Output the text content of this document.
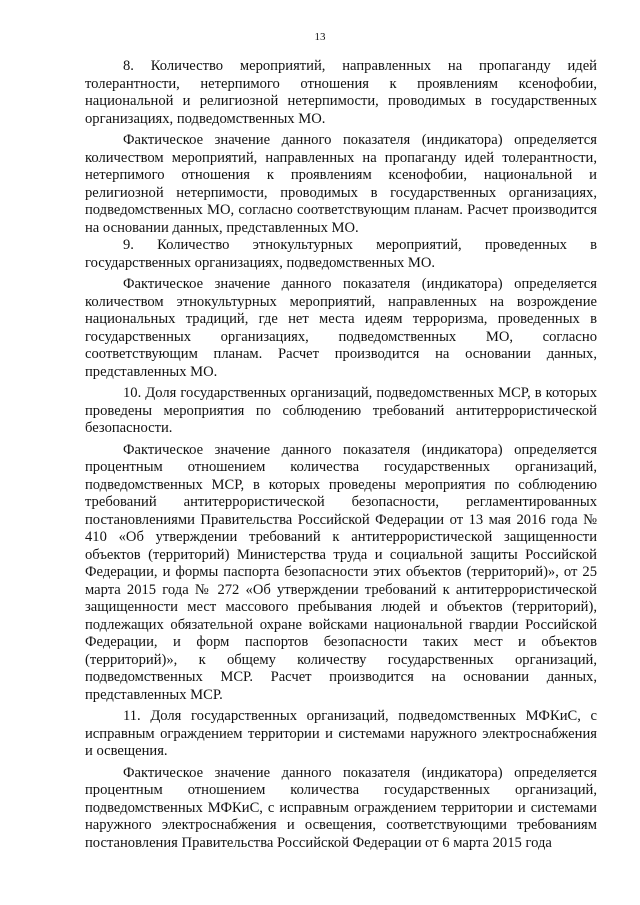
13

8. Количество мероприятий, направленных на пропаганду идей толерантности, нетерпимого отношения к проявлениям ксенофобии, национальной и религиозной нетерпимости, проводимых в государственных организациях, подведомственных МО.

Фактическое значение данного показателя (индикатора) определяется количеством мероприятий, направленных на пропаганду идей толерантности, нетерпимого отношения к проявлениям ксенофобии, национальной и религиозной нетерпимости, проводимых в государственных организациях, подведомственных МО, согласно соответствующим планам. Расчет производится на основании данных, представленных МО.

9. Количество этнокультурных мероприятий, проведенных в государственных организациях, подведомственных МО.

Фактическое значение данного показателя (индикатора) определяется количеством этнокультурных мероприятий, направленных на возрождение национальных традиций, где нет места идеям терроризма, проведенных в государственных организациях, подведомственных МО, согласно соответствующим планам. Расчет производится на основании данных, представленных МО.

10. Доля государственных организаций, подведомственных МСР, в которых проведены мероприятия по соблюдению требований антитеррористической безопасности.

Фактическое значение данного показателя (индикатора) определяется процентным отношением количества государственных организаций, подведомственных МСР, в которых проведены мероприятия по соблюдению требований антитеррористической безопасности, регламентированных постановлениями Правительства Российской Федерации от 13 мая 2016 года № 410 «Об утверждении требований к антитеррористической защищенности объектов (территорий) Министерства труда и социальной защиты Российской Федерации, и формы паспорта безопасности этих объектов (территорий)», от 25 марта 2015 года № 272 «Об утверждении требований к антитеррористической защищенности мест массового пребывания людей и объектов (территорий), подлежащих обязательной охране войсками национальной гвардии Российской Федерации, и форм паспортов безопасности таких мест и объектов (территорий)», к общему количеству государственных организаций, подведомственных МСР. Расчет производится на основании данных, представленных МСР.

11. Доля государственных организаций, подведомственных МФКиС, с исправным ограждением территории и системами наружного электроснабжения и освещения.

Фактическое значение данного показателя (индикатора) определяется процентным отношением количества государственных организаций, подведомственных МФКиС, с исправным ограждением территории и системами наружного электроснабжения и освещения, соответствующими требованиям постановления Правительства Российской Федерации от 6 марта 2015 года
